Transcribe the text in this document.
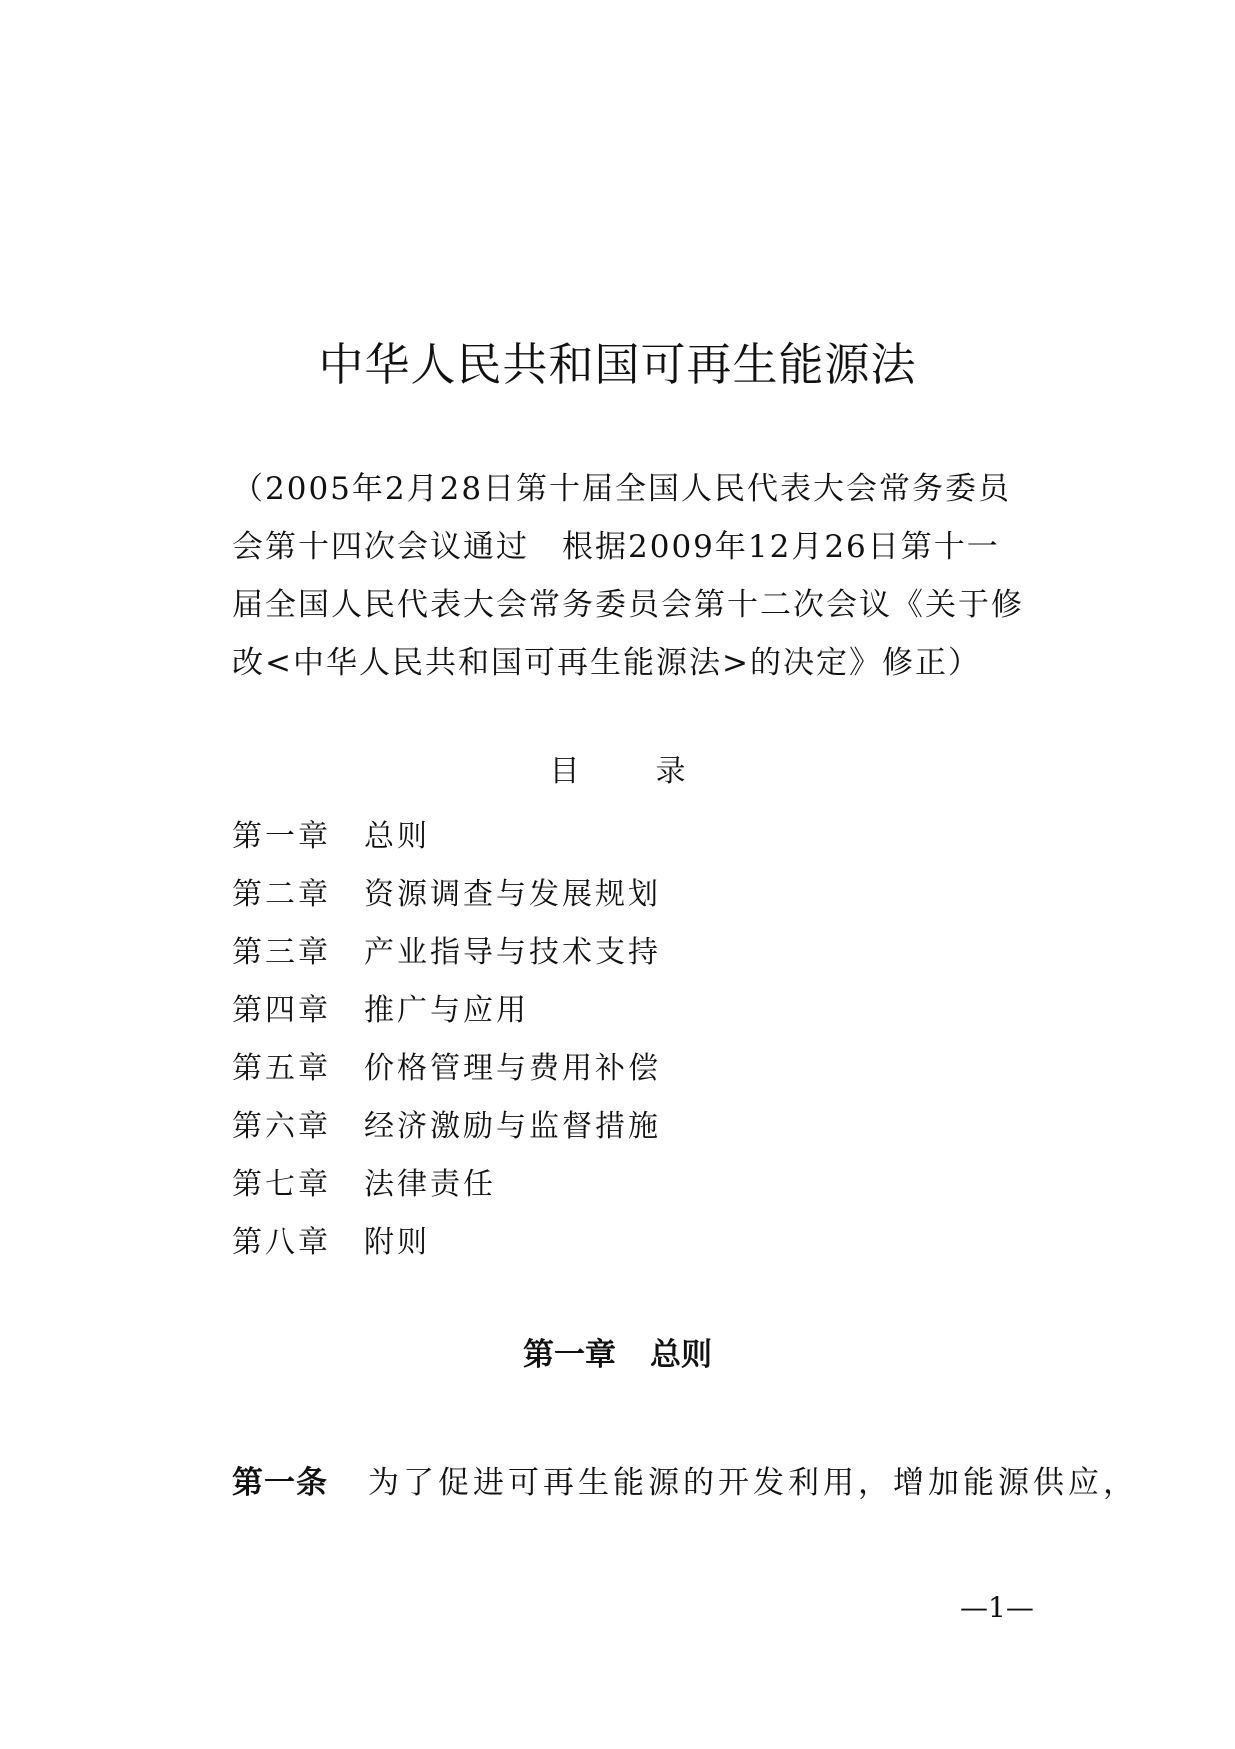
中华人民共和国可再生能源法
（2005年2月28日第十届全国人民代表大会常务委员
会第十四次会议通过　根据2009年12月26日第十一
届全国人民代表大会常务委员会第十二次会议《关于修
改<中华人民共和国可再生能源法>的决定》修正）
目	录
第一章 总则
第二章 资源调查与发展规划
第三章 产业指导与技术支持
第四章 推广与应用
第五章 价格管理与费用补偿
第六章 经济激励与监督措施
第七章 法律责任
第八章 附则
第一章 总则
第一条 为了促进可再生能源的开发利用，增加能源供应，
—1—
